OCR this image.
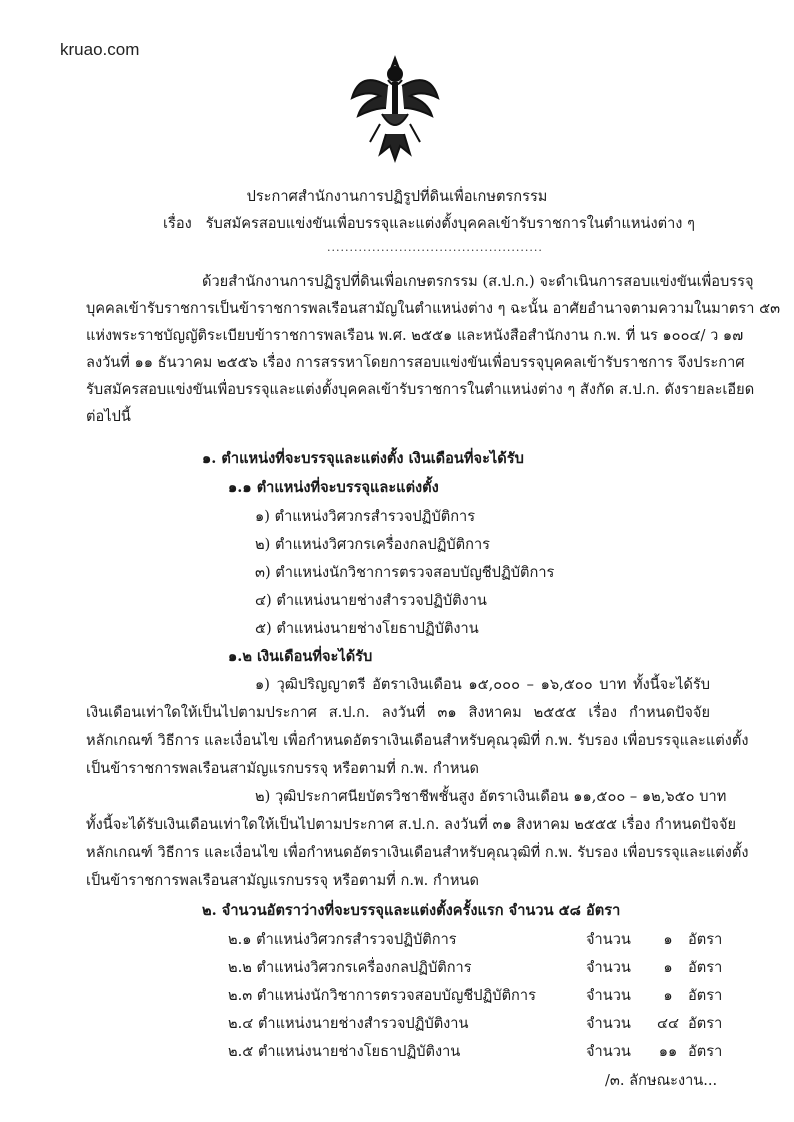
kruao.com
ประกาศสำนักงานการปฏิรูปที่ดินเพื่อเกษตรกรรม
เรื่อง รับสมัครสอบแข่งขันเพื่อบรรจุและแต่งตั้งบุคคลเข้ารับราชการในตำแหน่งต่าง ๆ
................................................
ด้วยสำนักงานการปฏิรูปที่ดินเพื่อเกษตรกรรม (ส.ป.ก.) จะดำเนินการสอบแข่งขันเพื่อบรรจุ
บุคคลเข้ารับราชการเป็นข้าราชการพลเรือนสามัญในตำแหน่งต่าง ๆ ฉะนั้น อาศัยอำนาจตามความในมาตรา ๕๓
แห่งพระราชบัญญัติระเบียบข้าราชการพลเรือน พ.ศ. ๒๕๕๑ และหนังสือสำนักงาน ก.พ. ที่ นร ๑๐๐๔/ ว ๑๗
ลงวันที่ ๑๑ ธันวาคม ๒๕๕๖ เรื่อง การสรรหาโดยการสอบแข่งขันเพื่อบรรจุบุคคลเข้ารับราชการ จึงประกาศ
รับสมัครสอบแข่งขันเพื่อบรรจุและแต่งตั้งบุคคลเข้ารับราชการในตำแหน่งต่าง ๆ สังกัด ส.ป.ก. ดังรายละเอียด
ต่อไปนี้
๑. ตำแหน่งที่จะบรรจุและแต่งตั้ง เงินเดือนที่จะได้รับ
๑.๑ ตำแหน่งที่จะบรรจุและแต่งตั้ง
๑) ตำแหน่งวิศวกรสำรวจปฏิบัติการ
๒) ตำแหน่งวิศวกรเครื่องกลปฏิบัติการ
๓) ตำแหน่งนักวิชาการตรวจสอบบัญชีปฏิบัติการ
๔) ตำแหน่งนายช่างสำรวจปฏิบัติงาน
๕) ตำแหน่งนายช่างโยธาปฏิบัติงาน
๑.๒ เงินเดือนที่จะได้รับ
๑) วุฒิปริญญาตรี อัตราเงินเดือน ๑๕,๐๐๐ – ๑๖,๕๐๐ บาท ทั้งนี้จะได้รับ
เงินเดือนเท่าใดให้เป็นไปตามประกาศ ส.ป.ก. ลงวันที่ ๓๑ สิงหาคม ๒๕๕๕ เรื่อง กำหนดปัจจัย
หลักเกณฑ์ วิธีการ และเงื่อนไข เพื่อกำหนดอัตราเงินเดือนสำหรับคุณวุฒิที่ ก.พ. รับรอง เพื่อบรรจุและแต่งตั้ง
เป็นข้าราชการพลเรือนสามัญแรกบรรจุ หรือตามที่ ก.พ. กำหนด
๒) วุฒิประกาศนียบัตรวิชาชีพชั้นสูง อัตราเงินเดือน ๑๑,๕๐๐ – ๑๒,๖๕๐ บาท
ทั้งนี้จะได้รับเงินเดือนเท่าใดให้เป็นไปตามประกาศ ส.ป.ก. ลงวันที่ ๓๑ สิงหาคม ๒๕๕๕ เรื่อง กำหนดปัจจัย
หลักเกณฑ์ วิธีการ และเงื่อนไข เพื่อกำหนดอัตราเงินเดือนสำหรับคุณวุฒิที่ ก.พ. รับรอง เพื่อบรรจุและแต่งตั้ง
เป็นข้าราชการพลเรือนสามัญแรกบรรจุ หรือตามที่ ก.พ. กำหนด
๒. จำนวนอัตราว่างที่จะบรรจุและแต่งตั้งครั้งแรก จำนวน ๕๘ อัตรา
๒.๑ ตำแหน่งวิศวกรสำรวจปฏิบัติการ	จำนวน ๑ อัตรา
๒.๒ ตำแหน่งวิศวกรเครื่องกลปฏิบัติการ	จำนวน ๑ อัตรา
๒.๓ ตำแหน่งนักวิชาการตรวจสอบบัญชีปฏิบัติการ	จำนวน ๑ อัตรา
๒.๔ ตำแหน่งนายช่างสำรวจปฏิบัติงาน	จำนวน ๔๔ อัตรา
๒.๕ ตำแหน่งนายช่างโยธาปฏิบัติงาน	จำนวน ๑๑ อัตรา
/๓. ลักษณะงาน...
